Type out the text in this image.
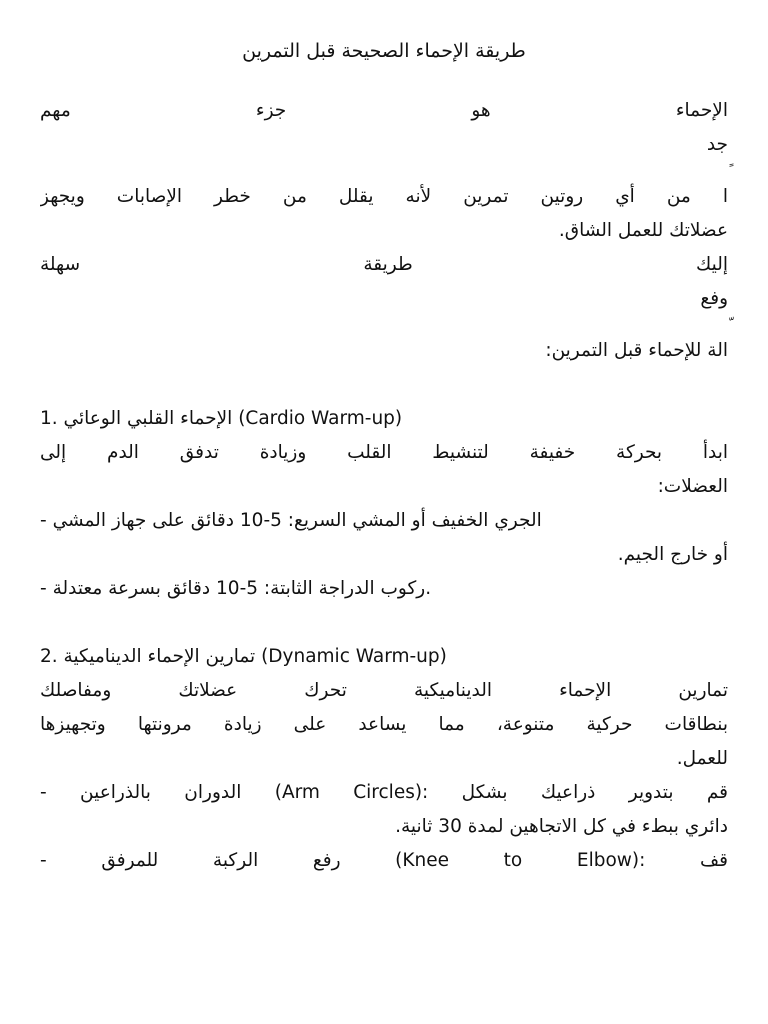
طريقة الإحماء الصحيحة قبل التمرين
الإحماء هو جزء مهم
جد
ا من أي روتين تمرين لأنه يقلل من خطر الإصابات ويجهز
عضلاتك للعمل الشاق.
إليك طريقة سهلة
وفع
الة للإحماء قبل التمرين:
1. الإحماء القلبي الوعائي (Cardio Warm-up)
ابدأ بحركة خفيفة لتنشيط القلب وزيادة تدفق الدم إلى
العضلات:
- الجري الخفيف أو المشي السريع: 5-10 دقائق على جهاز المشي
أو خارج الجيم.
- ركوب الدراجة الثابتة: 5-10 دقائق بسرعة معتدلة.
2. تمارين الإحماء الديناميكية (Dynamic Warm-up)
تمارين الإحماء الديناميكية تحرك عضلاتك ومفاصلك
بنطاقات حركية متنوعة، مما يساعد على زيادة مرونتها وتجهيزها
للعمل.
- الدوران بالذراعين (Arm Circles): قم بتدوير ذراعيك بشكل
دائري ببطء في كل الاتجاهين لمدة 30 ثانية.
- رفع الركبة للمرفق (Knee to Elbow): قف
